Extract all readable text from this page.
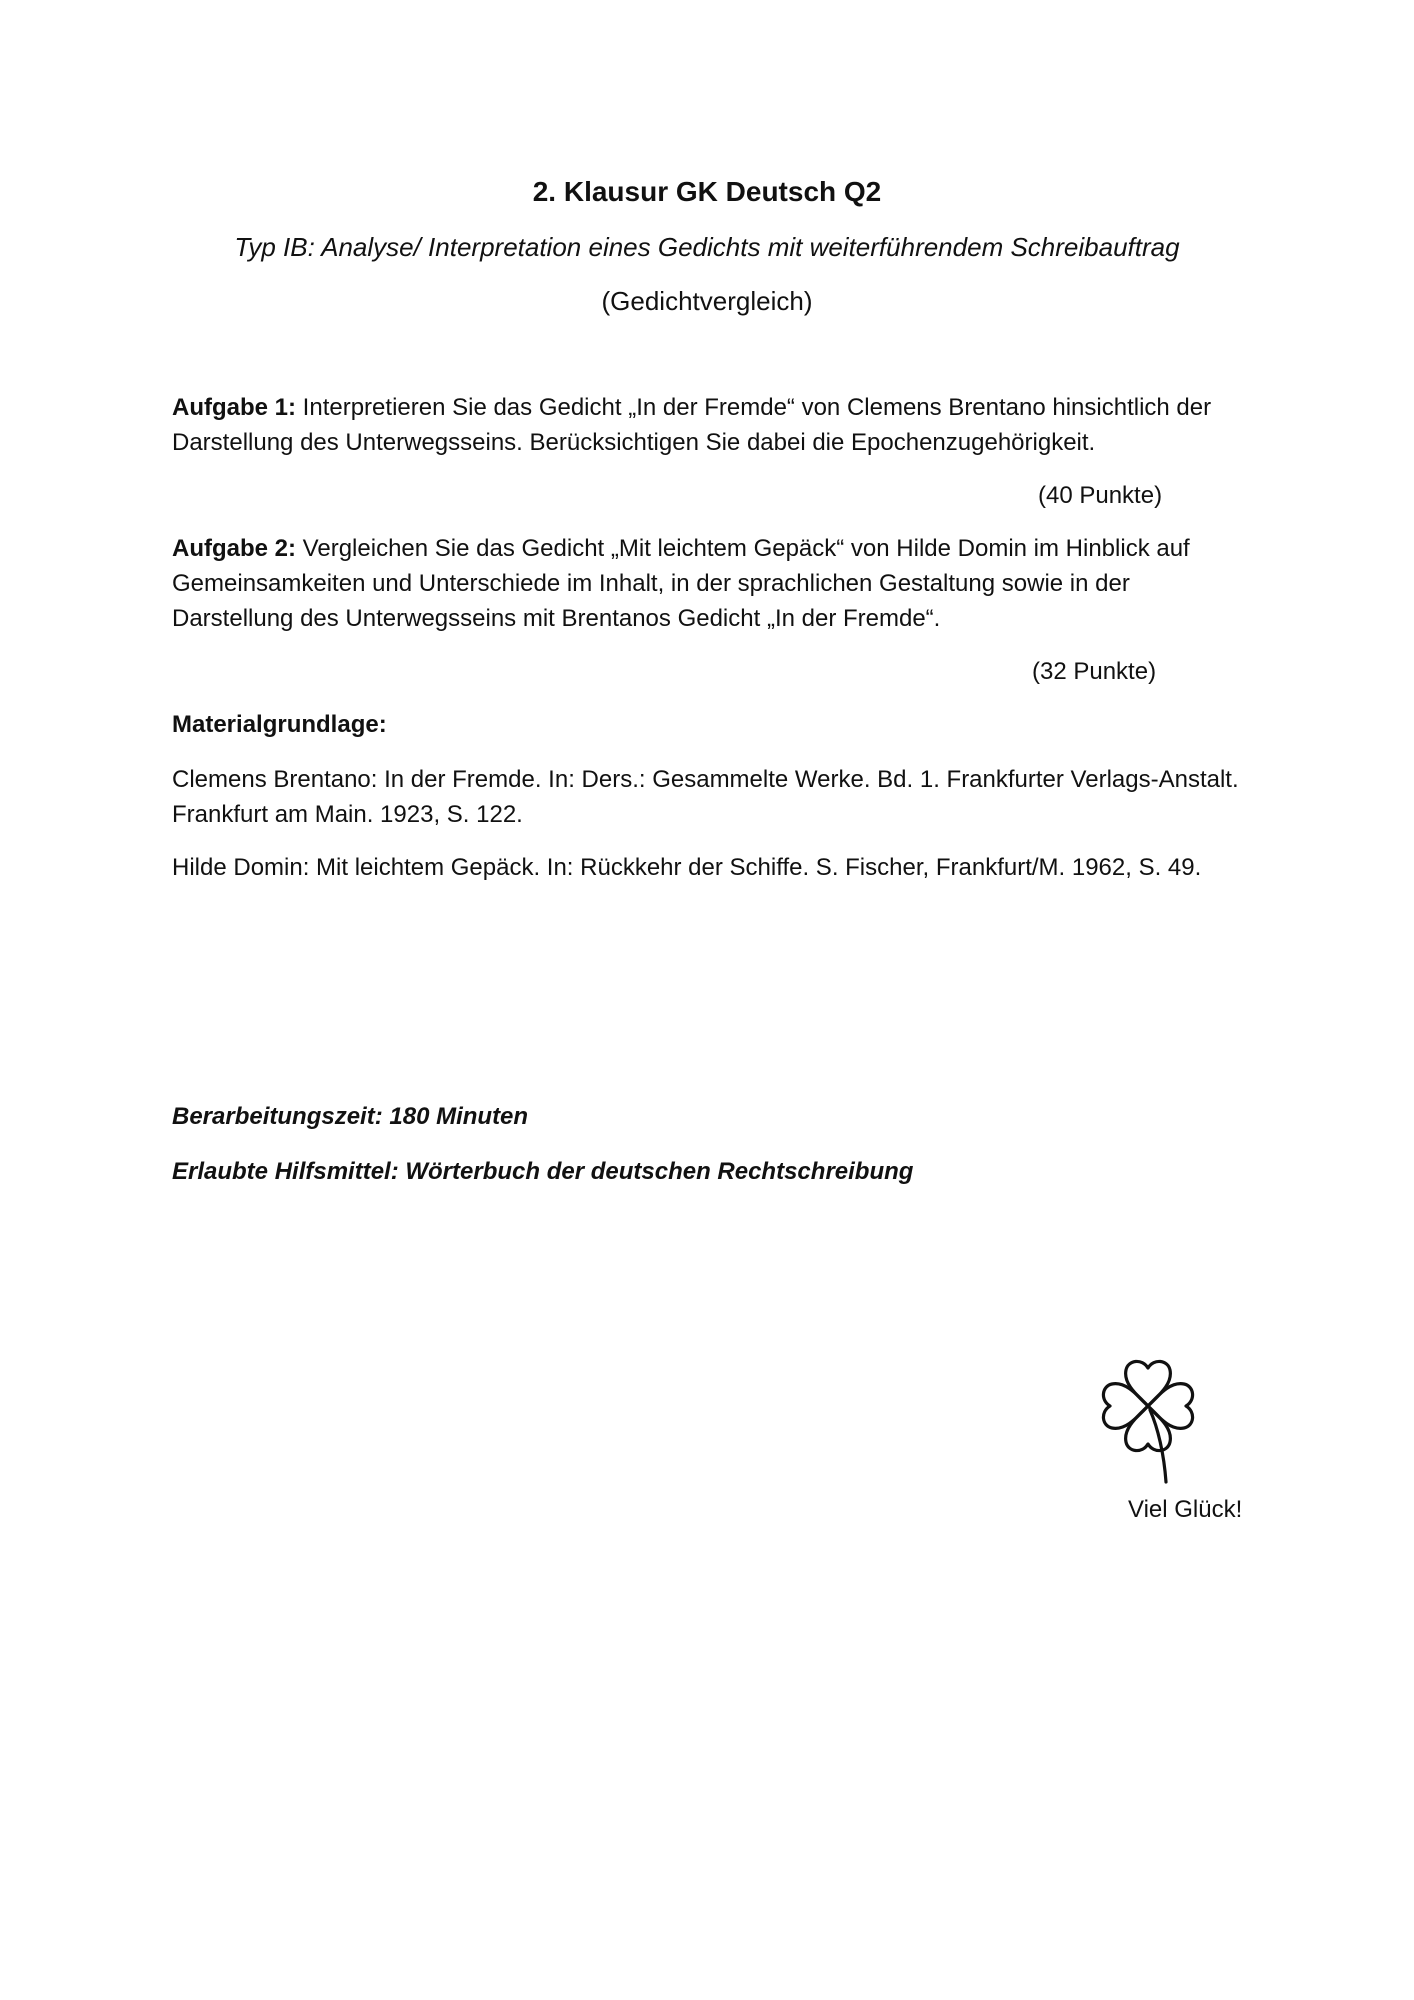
2. Klausur GK Deutsch Q2
Typ IB: Analyse/ Interpretation eines Gedichts mit weiterführendem Schreibauftrag
(Gedichtvergleich)
Aufgabe 1: Interpretieren Sie das Gedicht „In der Fremde“ von Clemens Brentano hinsichtlich der Darstellung des Unterwegsseins. Berücksichtigen Sie dabei die Epochenzugehörigkeit.
(40 Punkte)
Aufgabe 2: Vergleichen Sie das Gedicht „Mit leichtem Gepäck“ von Hilde Domin im Hinblick auf Gemeinsamkeiten und Unterschiede im Inhalt, in der sprachlichen Gestaltung sowie in der Darstellung des Unterwegsseins mit Brentanos Gedicht „In der Fremde“.
(32 Punkte)
Materialgrundlage:
Clemens Brentano: In der Fremde. In: Ders.: Gesammelte Werke. Bd. 1. Frankfurter Verlags-Anstalt. Frankfurt am Main. 1923, S. 122.
Hilde Domin: Mit leichtem Gepäck. In: Rückkehr der Schiffe. S. Fischer, Frankfurt/M. 1962, S. 49.
Berarbeitungszeit: 180 Minuten
Erlaubte Hilfsmittel: Wörterbuch der deutschen Rechtschreibung
Viel Glück!
